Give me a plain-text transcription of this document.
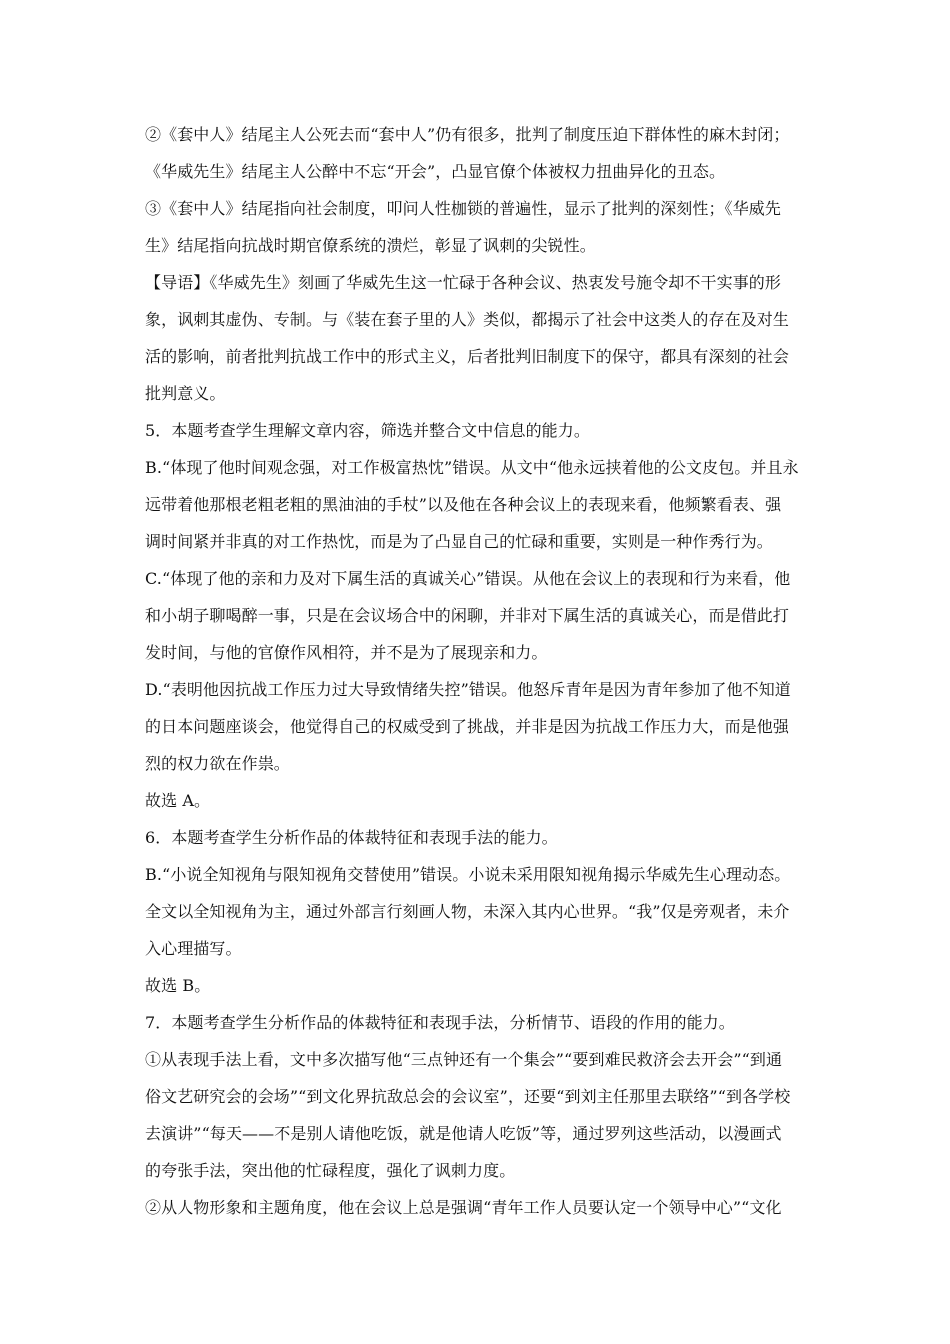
②《套中人》结尾主人公死去而“套中人”仍有很多，批判了制度压迫下群体性的麻木封闭；
《华威先生》结尾主人公醉中不忘“开会”，凸显官僚个体被权力扭曲异化的丑态。
③《套中人》结尾指向社会制度，叩问人性枷锁的普遍性，显示了批判的深刻性；《华威先
生》结尾指向抗战时期官僚系统的溃烂，彰显了讽刺的尖锐性。
【导语】《华威先生》刻画了华威先生这一忙碌于各种会议、热衷发号施令却不干实事的形
象，讽刺其虚伪、专制。与《装在套子里的人》类似，都揭示了社会中这类人的存在及对生
活的影响，前者批判抗战工作中的形式主义，后者批判旧制度下的保守，都具有深刻的社会
批判意义。
5．本题考查学生理解文章内容，筛选并整合文中信息的能力。
B.“体现了他时间观念强，对工作极富热忱”错误。从文中“他永远挟着他的公文皮包。并且永
远带着他那根老粗老粗的黑油油的手杖”以及他在各种会议上的表现来看，他频繁看表、强
调时间紧并非真的对工作热忱，而是为了凸显自己的忙碌和重要，实则是一种作秀行为。
C.“体现了他的亲和力及对下属生活的真诚关心”错误。从他在会议上的表现和行为来看，他
和小胡子聊喝醉一事，只是在会议场合中的闲聊，并非对下属生活的真诚关心，而是借此打
发时间，与他的官僚作风相符，并不是为了展现亲和力。
D.“表明他因抗战工作压力过大导致情绪失控”错误。他怒斥青年是因为青年参加了他不知道
的日本问题座谈会，他觉得自己的权威受到了挑战，并非是因为抗战工作压力大，而是他强
烈的权力欲在作祟。
故选 A。
6．本题考查学生分析作品的体裁特征和表现手法的能力。
B.“小说全知视角与限知视角交替使用”错误。小说未采用限知视角揭示华威先生心理动态。
全文以全知视角为主，通过外部言行刻画人物，未深入其内心世界。“我”仅是旁观者，未介
入心理描写。
故选 B。
7．本题考查学生分析作品的体裁特征和表现手法，分析情节、语段的作用的能力。
①从表现手法上看，文中多次描写他“三点钟还有一个集会”“要到难民救济会去开会”“到通
俗文艺研究会的会场”“到文化界抗敌总会的会议室”，还要“到刘主任那里去联络”“到各学校
去演讲”“每天——不是别人请他吃饭，就是他请人吃饭”等，通过罗列这些活动，以漫画式
的夸张手法，突出他的忙碌程度，强化了讽刺力度。
②从人物形象和主题角度，他在会议上总是强调“青年工作人员要认定一个领导中心”“文化
